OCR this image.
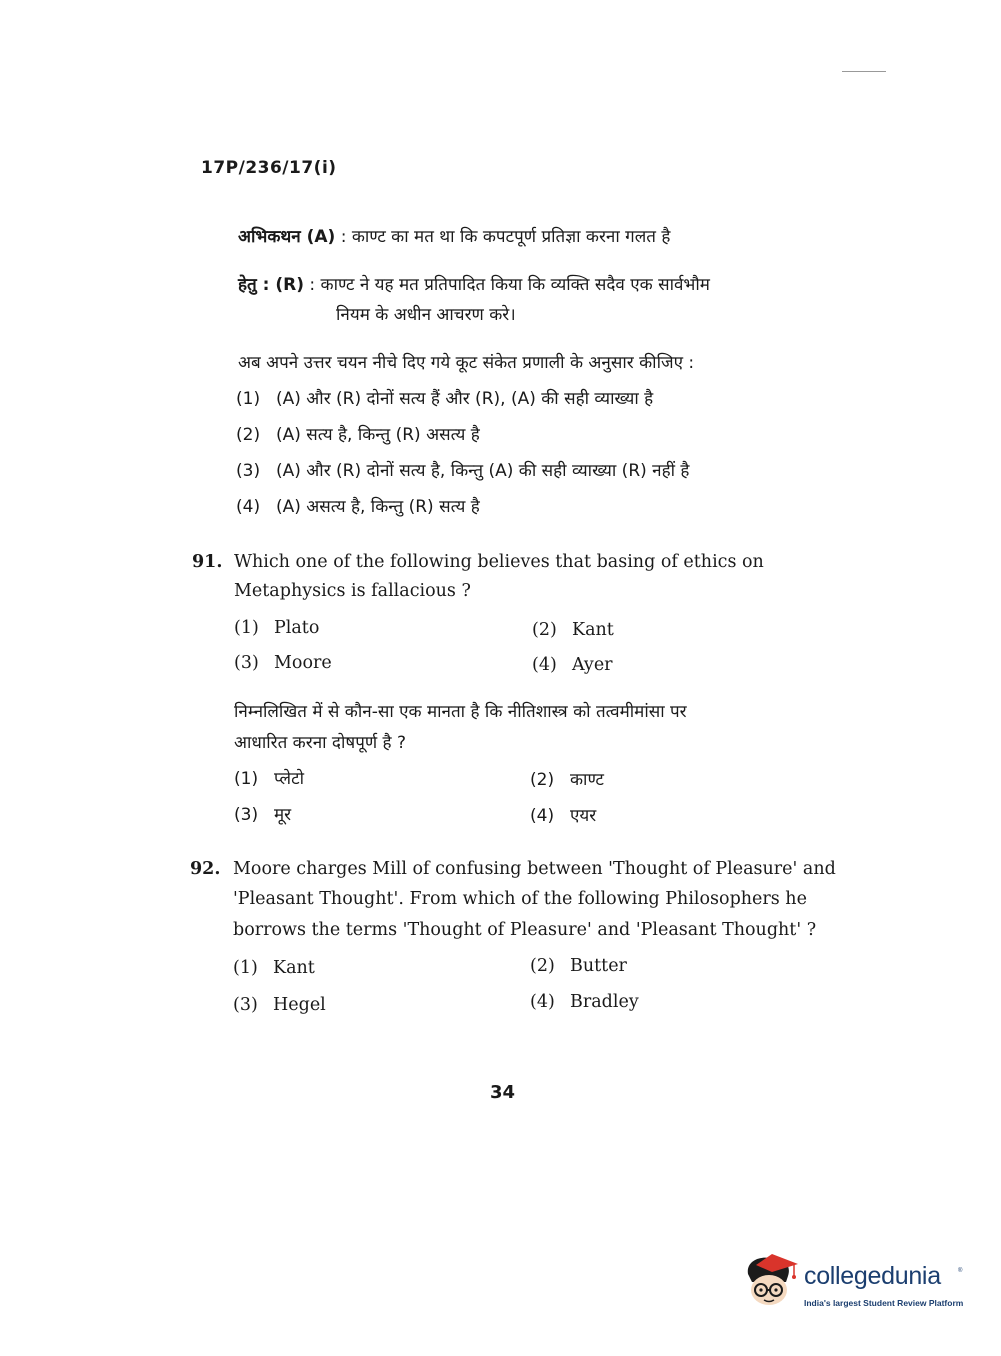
17P/236/17(i)
अभिकथन (A) : काण्ट का मत था कि कपटपूर्ण प्रतिज्ञा करना गलत है
हेतु : (R) : काण्ट ने यह मत प्रतिपादित किया कि व्यक्ति सदैव एक सार्वभौम
नियम के अधीन आचरण करे।
अब अपने उत्तर चयन नीचे दिए गये कूट संकेत प्रणाली के अनुसार कीजिए :
(1) (A) और (R) दोनों सत्य हैं और (R), (A) की सही व्याख्या है
(2) (A) सत्य है, किन्तु (R) असत्य है
(3) (A) और (R) दोनों सत्य है, किन्तु (A) की सही व्याख्या (R) नहीं है
(4) (A) असत्य है, किन्तु (R) सत्य है
91. Which one of the following believes that basing of ethics on
Metaphysics is fallacious ?
(1) Plato	(2) Kant
(3) Moore	(4) Ayer
निम्नलिखित में से कौन-सा एक मानता है कि नीतिशास्त्र को तत्वमीमांसा पर
आधारित करना दोषपूर्ण है ?
(1) प्लेटो	(2) काण्ट
(3) मूर	(4) एयर
92. Moore charges Mill of confusing between 'Thought of Pleasure' and
'Pleasant Thought'. From which of the following Philosophers he
borrows the terms 'Thought of Pleasure' and 'Pleasant Thought' ?
(1) Kant	(2) Butter
(3) Hegel	(4) Bradley
34
collegedunia	®
India's largest Student Review Platform
